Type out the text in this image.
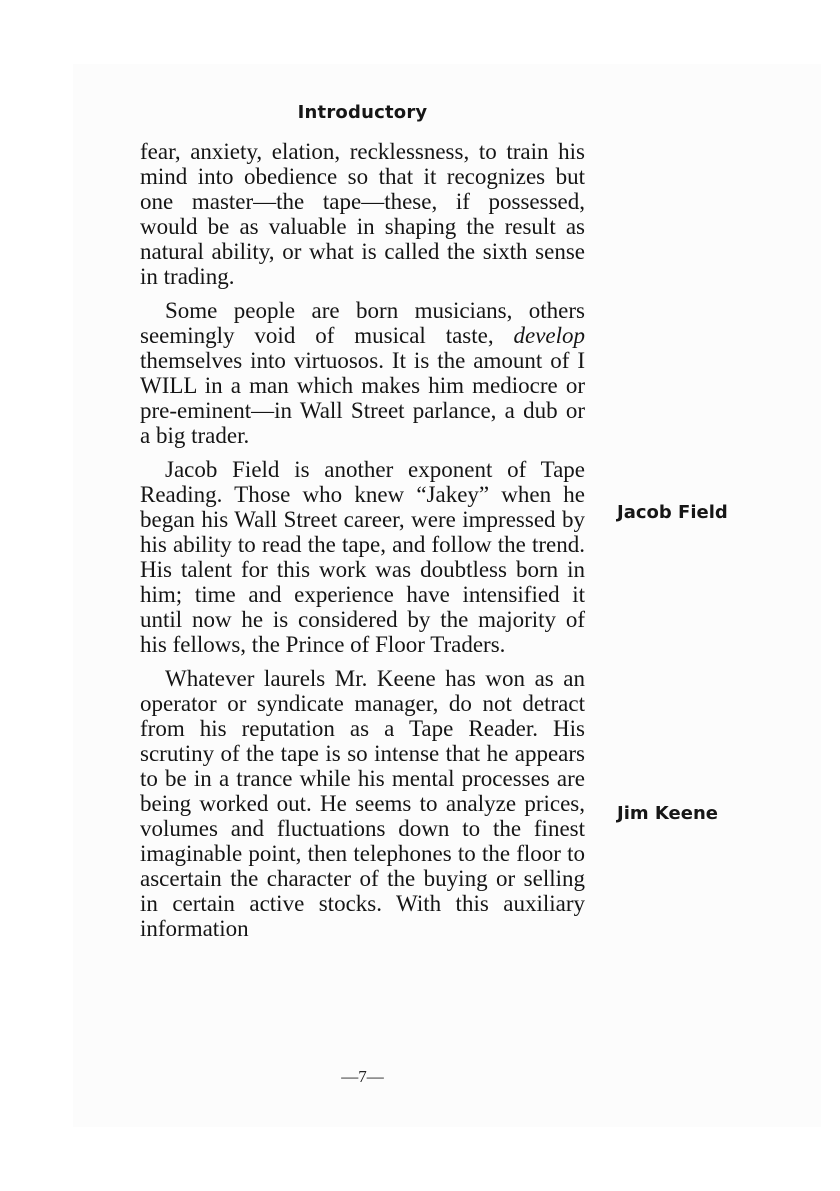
Introductory

fear, anxiety, elation, recklessness, to train his mind into obedience so that it recognizes but one master—the tape—these, if possessed, would be as valuable in shaping the result as natural ability, or what is called the sixth sense in trading.

Some people are born musicians, others seemingly void of musical taste, develop themselves into virtuosos. It is the amount of I WILL in a man which makes him mediocre or pre-eminent—in Wall Street parlance, a dub or a big trader.

Jacob Field is another exponent of Tape Reading. Those who knew “Jakey” when he began his Wall Street career, were impressed by his ability to read the tape, and follow the trend. His talent for this work was doubtless born in him; time and experience have intensified it until now he is considered by the majority of his fellows, the Prince of Floor Traders.

Whatever laurels Mr. Keene has won as an operator or syndicate manager, do not detract from his reputation as a Tape Reader. His scrutiny of the tape is so intense that he appears to be in a trance while his mental processes are being worked out. He seems to analyze prices, volumes and fluctuations down to the finest imaginable point, then telephones to the floor to ascertain the character of the buying or selling in certain active stocks. With this auxiliary information

Jacob Field
Jim Keene
—7—
